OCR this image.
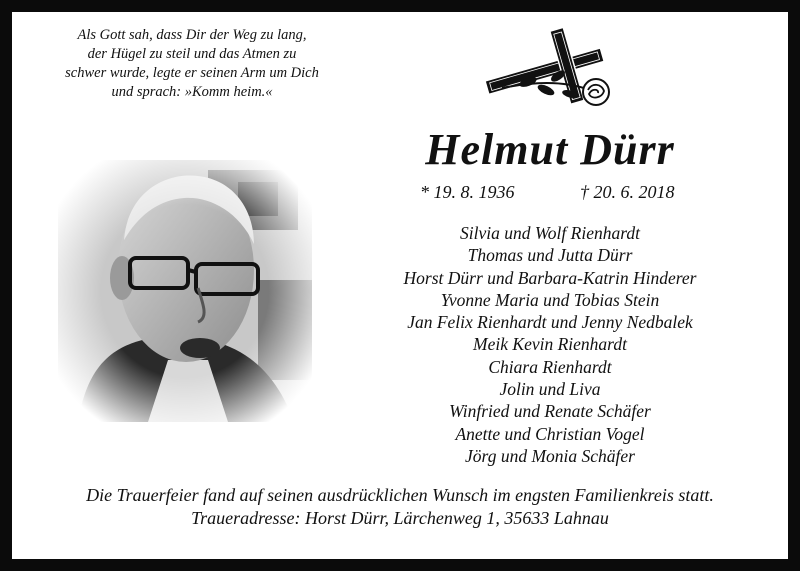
Als Gott sah, dass Dir der Weg zu lang,
der Hügel zu steil und das Atmen zu
schwer wurde, legte er seinen Arm um Dich
und sprach: »Komm heim.«
Helmut Dürr
* 19. 8. 1936	† 20. 6. 2018
Silvia und Wolf Rienhardt
Thomas und Jutta Dürr
Horst Dürr und Barbara-Katrin Hinderer
Yvonne Maria und Tobias Stein
Jan Felix Rienhardt und Jenny Nedbalek
Meik Kevin Rienhardt
Chiara Rienhardt
Jolin und Liva
Winfried und Renate Schäfer
Anette und Christian Vogel
Jörg und Monia Schäfer
Die Trauerfeier fand auf seinen ausdrücklichen Wunsch im engsten Familienkreis statt.
Traueradresse: Horst Dürr, Lärchenweg 1, 35633 Lahnau
